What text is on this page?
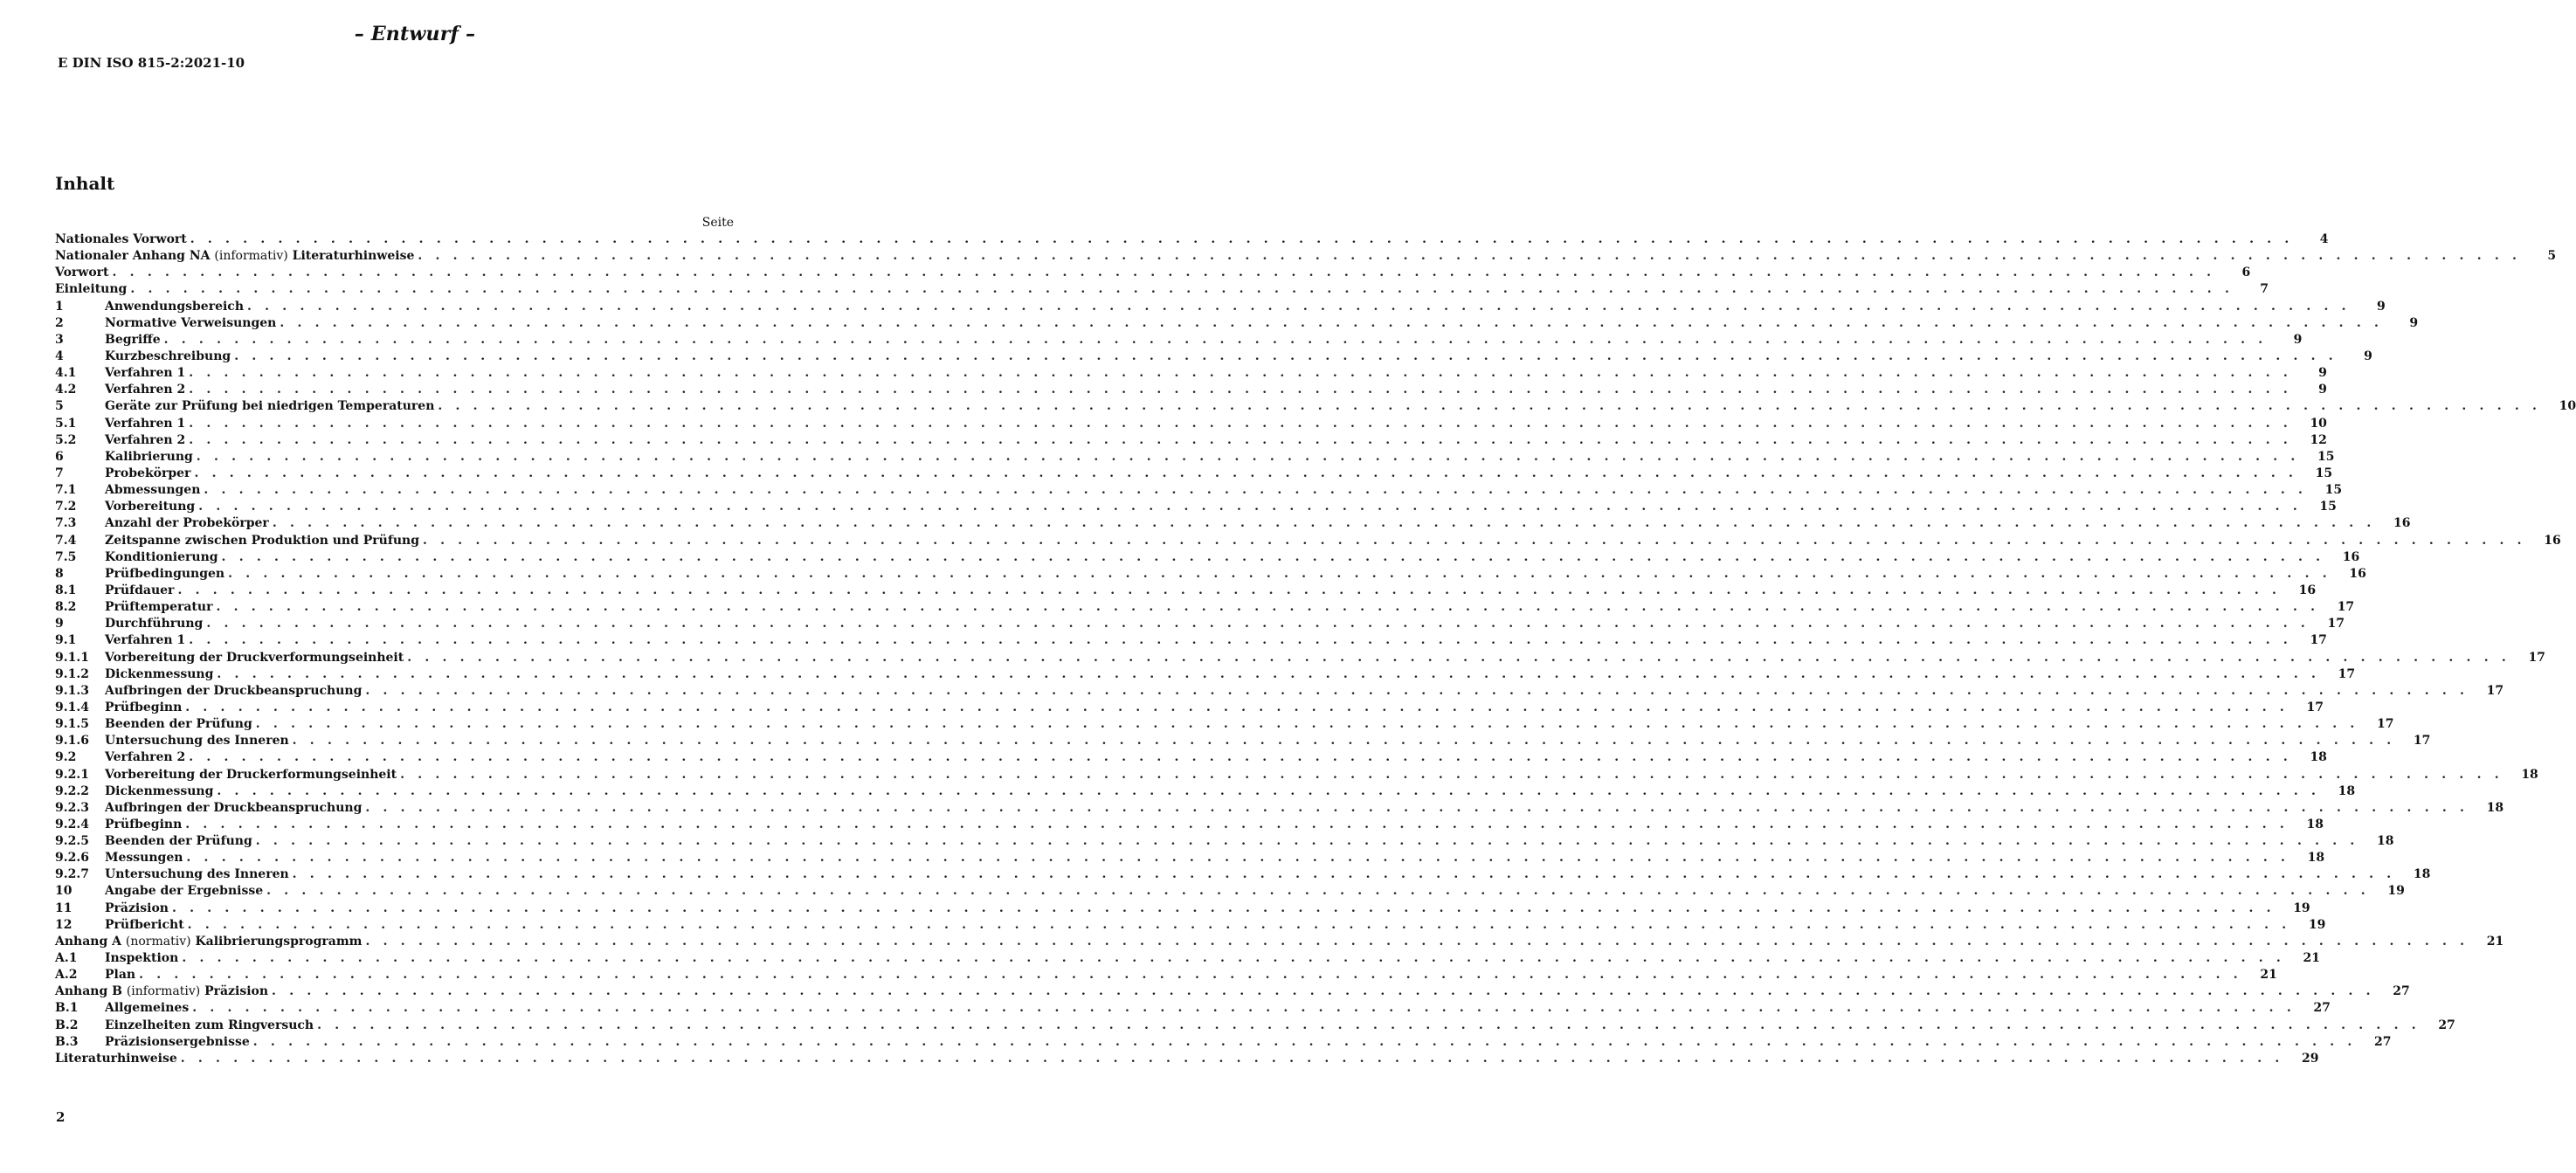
– Entwurf –
E DIN ISO 815-2:2021-10
Inhalt
Seite
Nationales Vorwort . . . . . . . . . . . . . . . . . . . . . . . . . . . . . . . . . . . . . . . . . . . . . . . . . . . . . . . . . . . . . . . . . . . . . . . . . . . . . . . . . . . . . . . . . . . . . . . . . . . . . . . . . . . . . . . . . . . . . . . .	4
Nationaler Anhang NA (informativ) Literaturhinweise . . . . . . . . . . . . . . . . . . . . . . . . . . . . . . . . . . . . . . . . . . . . . . . . . . . . . . . . . . . . . . . . . . . . . . . . . . . . . . . . . . . . . . . . . . . . . . . . . . . . . . . . . . . . . . . . . . . . . . . .	5
Vorwort . . . . . . . . . . . . . . . . . . . . . . . . . . . . . . . . . . . . . . . . . . . . . . . . . . . . . . . . . . . . . . . . . . . . . . . . . . . . . . . . . . . . . . . . . . . . . . . . . . . . . . . . . . . . . . . . . . . . . . . .	6
Einleitung . . . . . . . . . . . . . . . . . . . . . . . . . . . . . . . . . . . . . . . . . . . . . . . . . . . . . . . . . . . . . . . . . . . . . . . . . . . . . . . . . . . . . . . . . . . . . . . . . . . . . . . . . . . . . . . . . . . . . . . .	7
1	Anwendungsbereich . . . . . . . . . . . . . . . . . . . . . . . . . . . . . . . . . . . . . . . . . . . . . . . . . . . . . . . . . . . . . . . . . . . . . . . . . . . . . . . . . . . . . . . . . . . . . . . . . . . . . . . . . . . . . . . . . . . . . . . .	9
2	Normative Verweisungen . . . . . . . . . . . . . . . . . . . . . . . . . . . . . . . . . . . . . . . . . . . . . . . . . . . . . . . . . . . . . . . . . . . . . . . . . . . . . . . . . . . . . . . . . . . . . . . . . . . . . . . . . . . . . . . . . . . . . . . .	9
3	Begriffe . . . . . . . . . . . . . . . . . . . . . . . . . . . . . . . . . . . . . . . . . . . . . . . . . . . . . . . . . . . . . . . . . . . . . . . . . . . . . . . . . . . . . . . . . . . . . . . . . . . . . . . . . . . . . . . . . . . . . . . .	9
4	Kurzbeschreibung . . . . . . . . . . . . . . . . . . . . . . . . . . . . . . . . . . . . . . . . . . . . . . . . . . . . . . . . . . . . . . . . . . . . . . . . . . . . . . . . . . . . . . . . . . . . . . . . . . . . . . . . . . . . . . . . . . . . . . . .	9
4.1	Verfahren 1 . . . . . . . . . . . . . . . . . . . . . . . . . . . . . . . . . . . . . . . . . . . . . . . . . . . . . . . . . . . . . . . . . . . . . . . . . . . . . . . . . . . . . . . . . . . . . . . . . . . . . . . . . . . . . . . . . . . . . . . .	9
4.2	Verfahren 2 . . . . . . . . . . . . . . . . . . . . . . . . . . . . . . . . . . . . . . . . . . . . . . . . . . . . . . . . . . . . . . . . . . . . . . . . . . . . . . . . . . . . . . . . . . . . . . . . . . . . . . . . . . . . . . . . . . . . . . . .	9
5	Geräte zur Prüfung bei niedrigen Temperaturen . . . . . . . . . . . . . . . . . . . . . . . . . . . . . . . . . . . . . . . . . . . . . . . . . . . . . . . . . . . . . . . . . . . . . . . . . . . . . . . . . . . . . . . . . . . . . . . . . . . . . . . . . . . . . . . . . . . . . . . .	10
5.1	Verfahren 1 . . . . . . . . . . . . . . . . . . . . . . . . . . . . . . . . . . . . . . . . . . . . . . . . . . . . . . . . . . . . . . . . . . . . . . . . . . . . . . . . . . . . . . . . . . . . . . . . . . . . . . . . . . . . . . . . . . . . . . . .	10
5.2	Verfahren 2 . . . . . . . . . . . . . . . . . . . . . . . . . . . . . . . . . . . . . . . . . . . . . . . . . . . . . . . . . . . . . . . . . . . . . . . . . . . . . . . . . . . . . . . . . . . . . . . . . . . . . . . . . . . . . . . . . . . . . . . .	12
6	Kalibrierung . . . . . . . . . . . . . . . . . . . . . . . . . . . . . . . . . . . . . . . . . . . . . . . . . . . . . . . . . . . . . . . . . . . . . . . . . . . . . . . . . . . . . . . . . . . . . . . . . . . . . . . . . . . . . . . . . . . . . . . .	15
7	Probekörper . . . . . . . . . . . . . . . . . . . . . . . . . . . . . . . . . . . . . . . . . . . . . . . . . . . . . . . . . . . . . . . . . . . . . . . . . . . . . . . . . . . . . . . . . . . . . . . . . . . . . . . . . . . . . . . . . . . . . . . .	15
7.1	Abmessungen . . . . . . . . . . . . . . . . . . . . . . . . . . . . . . . . . . . . . . . . . . . . . . . . . . . . . . . . . . . . . . . . . . . . . . . . . . . . . . . . . . . . . . . . . . . . . . . . . . . . . . . . . . . . . . . . . . . . . . . .	15
7.2	Vorbereitung . . . . . . . . . . . . . . . . . . . . . . . . . . . . . . . . . . . . . . . . . . . . . . . . . . . . . . . . . . . . . . . . . . . . . . . . . . . . . . . . . . . . . . . . . . . . . . . . . . . . . . . . . . . . . . . . . . . . . . . .	15
7.3	Anzahl der Probekörper . . . . . . . . . . . . . . . . . . . . . . . . . . . . . . . . . . . . . . . . . . . . . . . . . . . . . . . . . . . . . . . . . . . . . . . . . . . . . . . . . . . . . . . . . . . . . . . . . . . . . . . . . . . . . . . . . . . . . . . .	16
7.4	Zeitspanne zwischen Produktion und Prüfung . . . . . . . . . . . . . . . . . . . . . . . . . . . . . . . . . . . . . . . . . . . . . . . . . . . . . . . . . . . . . . . . . . . . . . . . . . . . . . . . . . . . . . . . . . . . . . . . . . . . . . . . . . . . . . . . . . . . . . . .	16
7.5	Konditionierung . . . . . . . . . . . . . . . . . . . . . . . . . . . . . . . . . . . . . . . . . . . . . . . . . . . . . . . . . . . . . . . . . . . . . . . . . . . . . . . . . . . . . . . . . . . . . . . . . . . . . . . . . . . . . . . . . . . . . . . .	16
8	Prüfbedingungen . . . . . . . . . . . . . . . . . . . . . . . . . . . . . . . . . . . . . . . . . . . . . . . . . . . . . . . . . . . . . . . . . . . . . . . . . . . . . . . . . . . . . . . . . . . . . . . . . . . . . . . . . . . . . . . . . . . . . . . .	16
8.1	Prüfdauer . . . . . . . . . . . . . . . . . . . . . . . . . . . . . . . . . . . . . . . . . . . . . . . . . . . . . . . . . . . . . . . . . . . . . . . . . . . . . . . . . . . . . . . . . . . . . . . . . . . . . . . . . . . . . . . . . . . . . . . .	16
8.2	Prüftemperatur . . . . . . . . . . . . . . . . . . . . . . . . . . . . . . . . . . . . . . . . . . . . . . . . . . . . . . . . . . . . . . . . . . . . . . . . . . . . . . . . . . . . . . . . . . . . . . . . . . . . . . . . . . . . . . . . . . . . . . . .	17
9	Durchführung . . . . . . . . . . . . . . . . . . . . . . . . . . . . . . . . . . . . . . . . . . . . . . . . . . . . . . . . . . . . . . . . . . . . . . . . . . . . . . . . . . . . . . . . . . . . . . . . . . . . . . . . . . . . . . . . . . . . . . . .	17
9.1	Verfahren 1 . . . . . . . . . . . . . . . . . . . . . . . . . . . . . . . . . . . . . . . . . . . . . . . . . . . . . . . . . . . . . . . . . . . . . . . . . . . . . . . . . . . . . . . . . . . . . . . . . . . . . . . . . . . . . . . . . . . . . . . .	17
9.1.1	Vorbereitung der Druckverformungseinheit . . . . . . . . . . . . . . . . . . . . . . . . . . . . . . . . . . . . . . . . . . . . . . . . . . . . . . . . . . . . . . . . . . . . . . . . . . . . . . . . . . . . . . . . . . . . . . . . . . . . . . . . . . . . . . . . . . . . . . . .	17
9.1.2	Dickenmessung . . . . . . . . . . . . . . . . . . . . . . . . . . . . . . . . . . . . . . . . . . . . . . . . . . . . . . . . . . . . . . . . . . . . . . . . . . . . . . . . . . . . . . . . . . . . . . . . . . . . . . . . . . . . . . . . . . . . . . . .	17
9.1.3	Aufbringen der Druckbeanspruchung . . . . . . . . . . . . . . . . . . . . . . . . . . . . . . . . . . . . . . . . . . . . . . . . . . . . . . . . . . . . . . . . . . . . . . . . . . . . . . . . . . . . . . . . . . . . . . . . . . . . . . . . . . . . . . . . . . . . . . . .	17
9.1.4	Prüfbeginn . . . . . . . . . . . . . . . . . . . . . . . . . . . . . . . . . . . . . . . . . . . . . . . . . . . . . . . . . . . . . . . . . . . . . . . . . . . . . . . . . . . . . . . . . . . . . . . . . . . . . . . . . . . . . . . . . . . . . . . .	17
9.1.5	Beenden der Prüfung . . . . . . . . . . . . . . . . . . . . . . . . . . . . . . . . . . . . . . . . . . . . . . . . . . . . . . . . . . . . . . . . . . . . . . . . . . . . . . . . . . . . . . . . . . . . . . . . . . . . . . . . . . . . . . . . . . . . . . . .	17
9.1.6	Untersuchung des Inneren . . . . . . . . . . . . . . . . . . . . . . . . . . . . . . . . . . . . . . . . . . . . . . . . . . . . . . . . . . . . . . . . . . . . . . . . . . . . . . . . . . . . . . . . . . . . . . . . . . . . . . . . . . . . . . . . . . . . . . . .	17
9.2	Verfahren 2 . . . . . . . . . . . . . . . . . . . . . . . . . . . . . . . . . . . . . . . . . . . . . . . . . . . . . . . . . . . . . . . . . . . . . . . . . . . . . . . . . . . . . . . . . . . . . . . . . . . . . . . . . . . . . . . . . . . . . . . .	18
9.2.1	Vorbereitung der Druckerformungseinheit . . . . . . . . . . . . . . . . . . . . . . . . . . . . . . . . . . . . . . . . . . . . . . . . . . . . . . . . . . . . . . . . . . . . . . . . . . . . . . . . . . . . . . . . . . . . . . . . . . . . . . . . . . . . . . . . . . . . . . . .	18
9.2.2	Dickenmessung . . . . . . . . . . . . . . . . . . . . . . . . . . . . . . . . . . . . . . . . . . . . . . . . . . . . . . . . . . . . . . . . . . . . . . . . . . . . . . . . . . . . . . . . . . . . . . . . . . . . . . . . . . . . . . . . . . . . . . . .	18
9.2.3	Aufbringen der Druckbeanspruchung . . . . . . . . . . . . . . . . . . . . . . . . . . . . . . . . . . . . . . . . . . . . . . . . . . . . . . . . . . . . . . . . . . . . . . . . . . . . . . . . . . . . . . . . . . . . . . . . . . . . . . . . . . . . . . . . . . . . . . . .	18
9.2.4	Prüfbeginn . . . . . . . . . . . . . . . . . . . . . . . . . . . . . . . . . . . . . . . . . . . . . . . . . . . . . . . . . . . . . . . . . . . . . . . . . . . . . . . . . . . . . . . . . . . . . . . . . . . . . . . . . . . . . . . . . . . . . . . .	18
9.2.5	Beenden der Prüfung . . . . . . . . . . . . . . . . . . . . . . . . . . . . . . . . . . . . . . . . . . . . . . . . . . . . . . . . . . . . . . . . . . . . . . . . . . . . . . . . . . . . . . . . . . . . . . . . . . . . . . . . . . . . . . . . . . . . . . . .	18
9.2.6	Messungen . . . . . . . . . . . . . . . . . . . . . . . . . . . . . . . . . . . . . . . . . . . . . . . . . . . . . . . . . . . . . . . . . . . . . . . . . . . . . . . . . . . . . . . . . . . . . . . . . . . . . . . . . . . . . . . . . . . . . . . .	18
9.2.7	Untersuchung des Inneren . . . . . . . . . . . . . . . . . . . . . . . . . . . . . . . . . . . . . . . . . . . . . . . . . . . . . . . . . . . . . . . . . . . . . . . . . . . . . . . . . . . . . . . . . . . . . . . . . . . . . . . . . . . . . . . . . . . . . . . .	18
10	Angabe der Ergebnisse . . . . . . . . . . . . . . . . . . . . . . . . . . . . . . . . . . . . . . . . . . . . . . . . . . . . . . . . . . . . . . . . . . . . . . . . . . . . . . . . . . . . . . . . . . . . . . . . . . . . . . . . . . . . . . . . . . . . . . . .	19
11	Präzision . . . . . . . . . . . . . . . . . . . . . . . . . . . . . . . . . . . . . . . . . . . . . . . . . . . . . . . . . . . . . . . . . . . . . . . . . . . . . . . . . . . . . . . . . . . . . . . . . . . . . . . . . . . . . . . . . . . . . . . .	19
12	Prüfbericht . . . . . . . . . . . . . . . . . . . . . . . . . . . . . . . . . . . . . . . . . . . . . . . . . . . . . . . . . . . . . . . . . . . . . . . . . . . . . . . . . . . . . . . . . . . . . . . . . . . . . . . . . . . . . . . . . . . . . . . .	19
Anhang A (normativ) Kalibrierungsprogramm . . . . . . . . . . . . . . . . . . . . . . . . . . . . . . . . . . . . . . . . . . . . . . . . . . . . . . . . . . . . . . . . . . . . . . . . . . . . . . . . . . . . . . . . . . . . . . . . . . . . . . . . . . . . . . . . . . . . . . . .	21
A.1	Inspektion . . . . . . . . . . . . . . . . . . . . . . . . . . . . . . . . . . . . . . . . . . . . . . . . . . . . . . . . . . . . . . . . . . . . . . . . . . . . . . . . . . . . . . . . . . . . . . . . . . . . . . . . . . . . . . . . . . . . . . . .	21
A.2	Plan . . . . . . . . . . . . . . . . . . . . . . . . . . . . . . . . . . . . . . . . . . . . . . . . . . . . . . . . . . . . . . . . . . . . . . . . . . . . . . . . . . . . . . . . . . . . . . . . . . . . . . . . . . . . . . . . . . . . . . . .	21
Anhang B (informativ) Präzision . . . . . . . . . . . . . . . . . . . . . . . . . . . . . . . . . . . . . . . . . . . . . . . . . . . . . . . . . . . . . . . . . . . . . . . . . . . . . . . . . . . . . . . . . . . . . . . . . . . . . . . . . . . . . . . . . . . . . . . .	27
B.1	Allgemeines . . . . . . . . . . . . . . . . . . . . . . . . . . . . . . . . . . . . . . . . . . . . . . . . . . . . . . . . . . . . . . . . . . . . . . . . . . . . . . . . . . . . . . . . . . . . . . . . . . . . . . . . . . . . . . . . . . . . . . . .	27
B.2	Einzelheiten zum Ringversuch . . . . . . . . . . . . . . . . . . . . . . . . . . . . . . . . . . . . . . . . . . . . . . . . . . . . . . . . . . . . . . . . . . . . . . . . . . . . . . . . . . . . . . . . . . . . . . . . . . . . . . . . . . . . . . . . . . . . . . . .	27
B.3	Präzisionsergebnisse . . . . . . . . . . . . . . . . . . . . . . . . . . . . . . . . . . . . . . . . . . . . . . . . . . . . . . . . . . . . . . . . . . . . . . . . . . . . . . . . . . . . . . . . . . . . . . . . . . . . . . . . . . . . . . . . . . . . . . . .	27
Literaturhinweise . . . . . . . . . . . . . . . . . . . . . . . . . . . . . . . . . . . . . . . . . . . . . . . . . . . . . . . . . . . . . . . . . . . . . . . . . . . . . . . . . . . . . . . . . . . . . . . . . . . . . . . . . . . . . . . . . . . . . . . .	29
2
